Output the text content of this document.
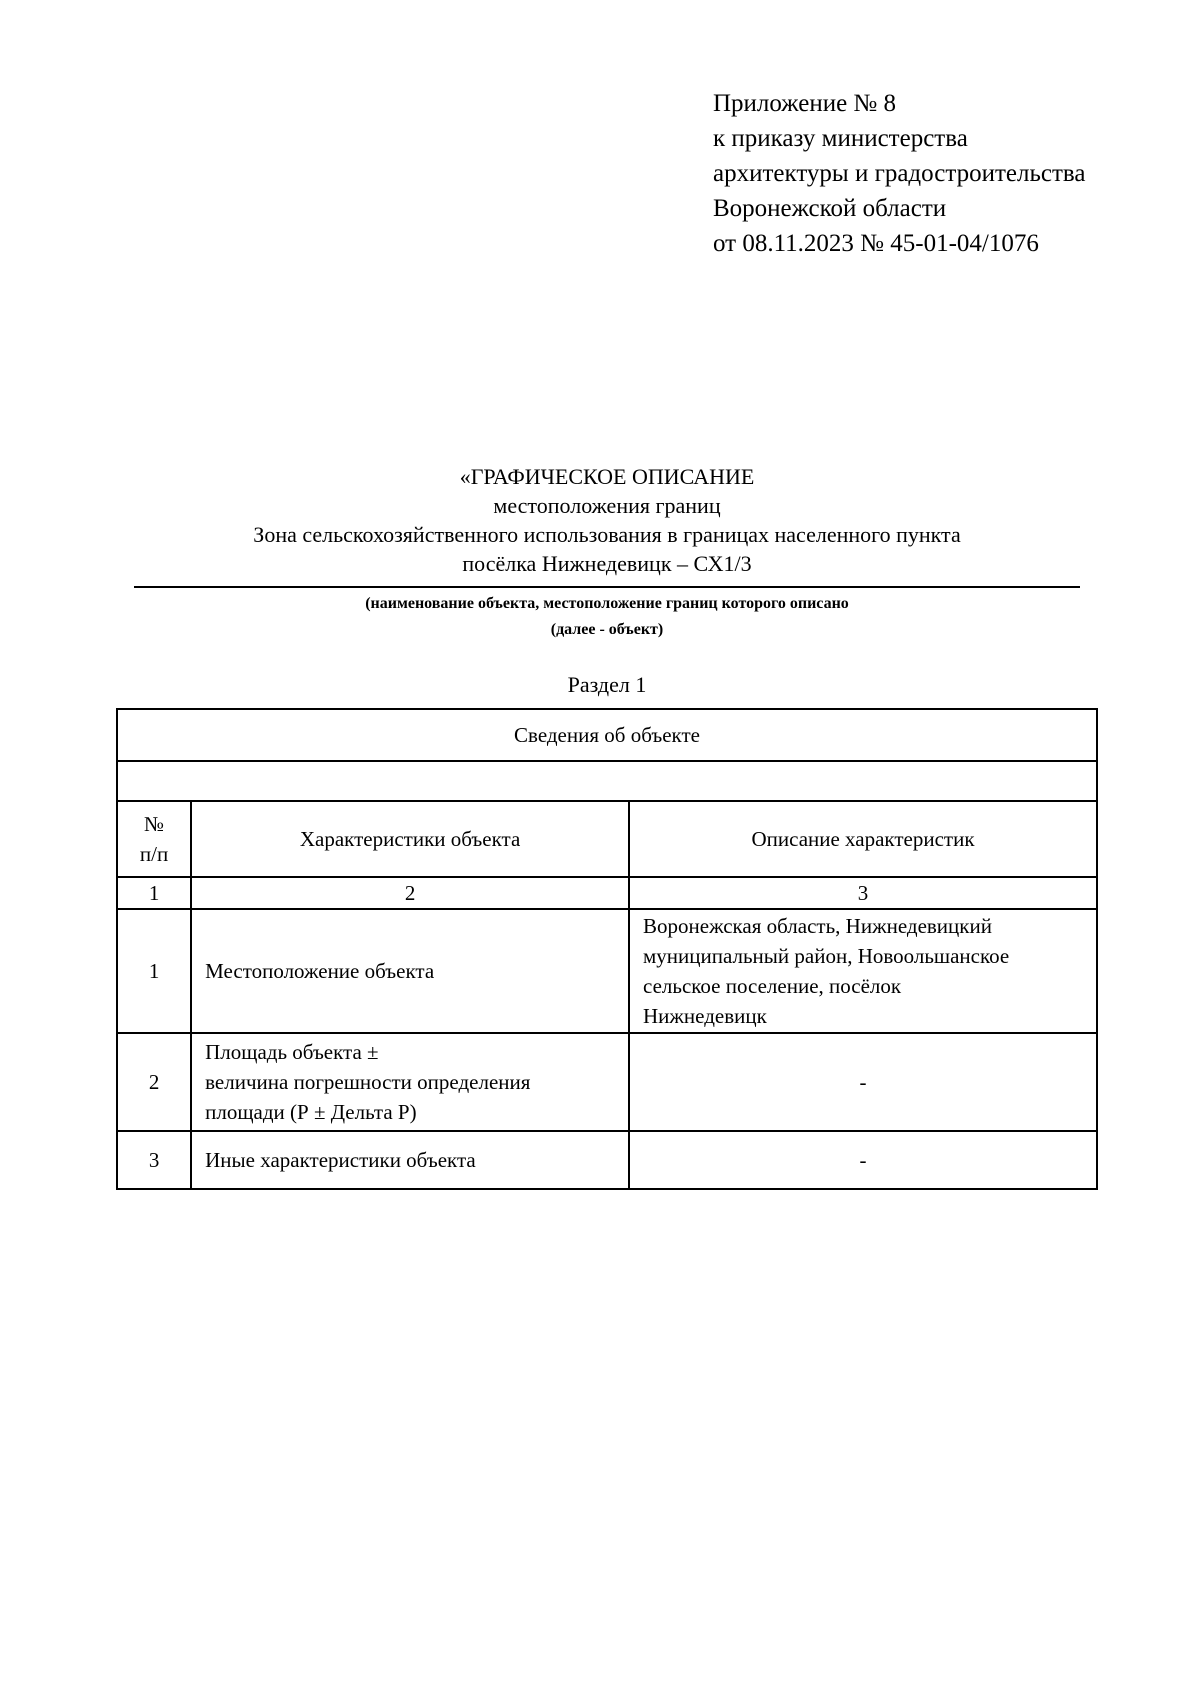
Приложение № 8
к приказу министерства
архитектуры и градостроительства
Воронежской области
от 08.11.2023 № 45-01-04/1076
«ГРАФИЧЕСКОЕ ОПИСАНИЕ
местоположения границ
Зона сельскохозяйственного использования в границах населенного пункта
посёлка Нижнедевицк – СХ1/3
(наименование объекта, местоположение границ которого описано
(далее - объект)
Раздел 1
Сведения об объекте		

№
п/п	Характеристики объекта	Описание характеристик
1	2	3
1	Местоположение объекта	Воронежская область, Нижнедевицкий
муниципальный район, Новоольшанское
сельское поселение, посёлок
Нижнедевицк

2	Площадь объекта ±
величина погрешности определения
площади (Р ± Дельта Р)	-
3	Иные характеристики объекта	-
